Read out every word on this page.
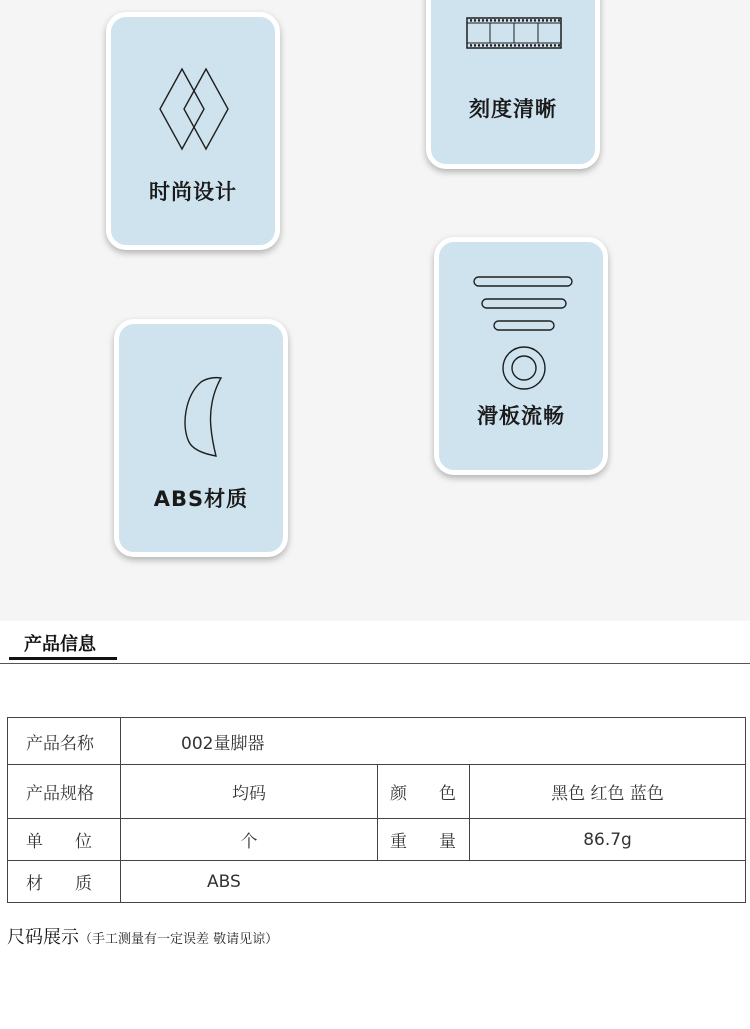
时尚设计
刻度清晰
滑板流畅
ABS材质
产品信息
产品名称	002量脚器		
产品规格	均码	颜色	黑色 红色 蓝色
单位	个	重量	86.7g
材质	ABS		
尺码展示（手工测量有一定误差 敬请见谅）
